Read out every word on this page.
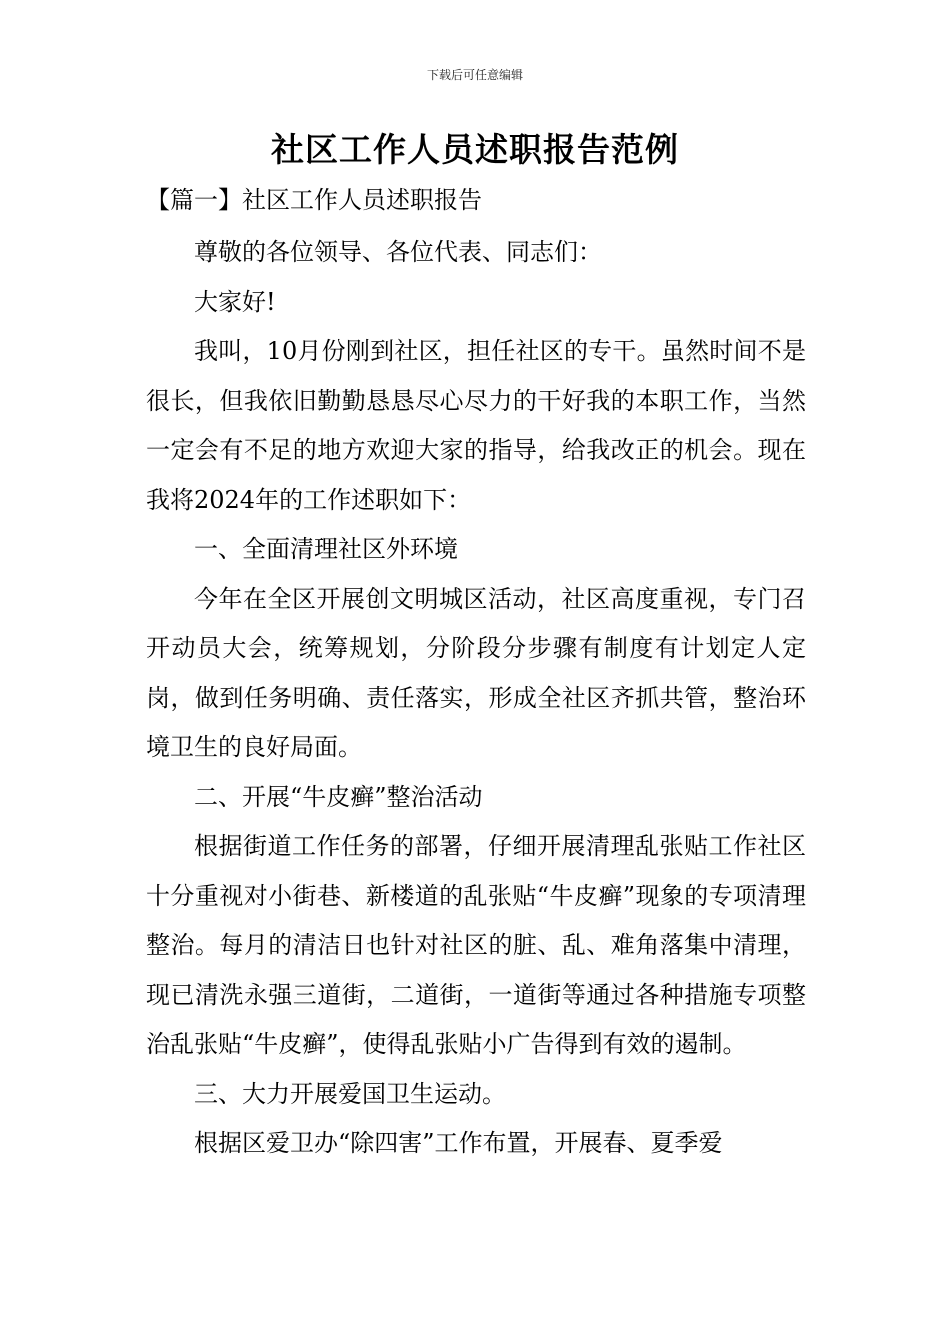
下载后可任意编辑
社区工作人员述职报告范例
【篇一】社区工作人员述职报告

尊敬的各位领导、各位代表、同志们：

大家好!

我叫，10月份刚到社区，担任社区的专干。虽然时间不是很长，但我依旧勤勤恳恳尽心尽力的干好我的本职工作，当然一定会有不足的地方欢迎大家的指导，给我改正的机会。现在我将2024年的工作述职如下：

一、全面清理社区外环境

今年在全区开展创文明城区活动，社区高度重视，专门召开动员大会，统筹规划，分阶段分步骤有制度有计划定人定岗，做到任务明确、责任落实，形成全社区齐抓共管，整治环境卫生的良好局面。

二、开展“牛皮癣”整治活动

根据街道工作任务的部署，仔细开展清理乱张贴工作社区十分重视对小街巷、新楼道的乱张贴“牛皮癣”现象的专项清理整治。每月的清洁日也针对社区的脏、乱、难角落集中清理，现已清洗永强三道街，二道街，一道街等通过各种措施专项整治乱张贴“牛皮癣”，使得乱张贴小广告得到有效的遏制。

三、大力开展爱国卫生运动。

根据区爱卫办“除四害”工作布置，开展春、夏季爱
